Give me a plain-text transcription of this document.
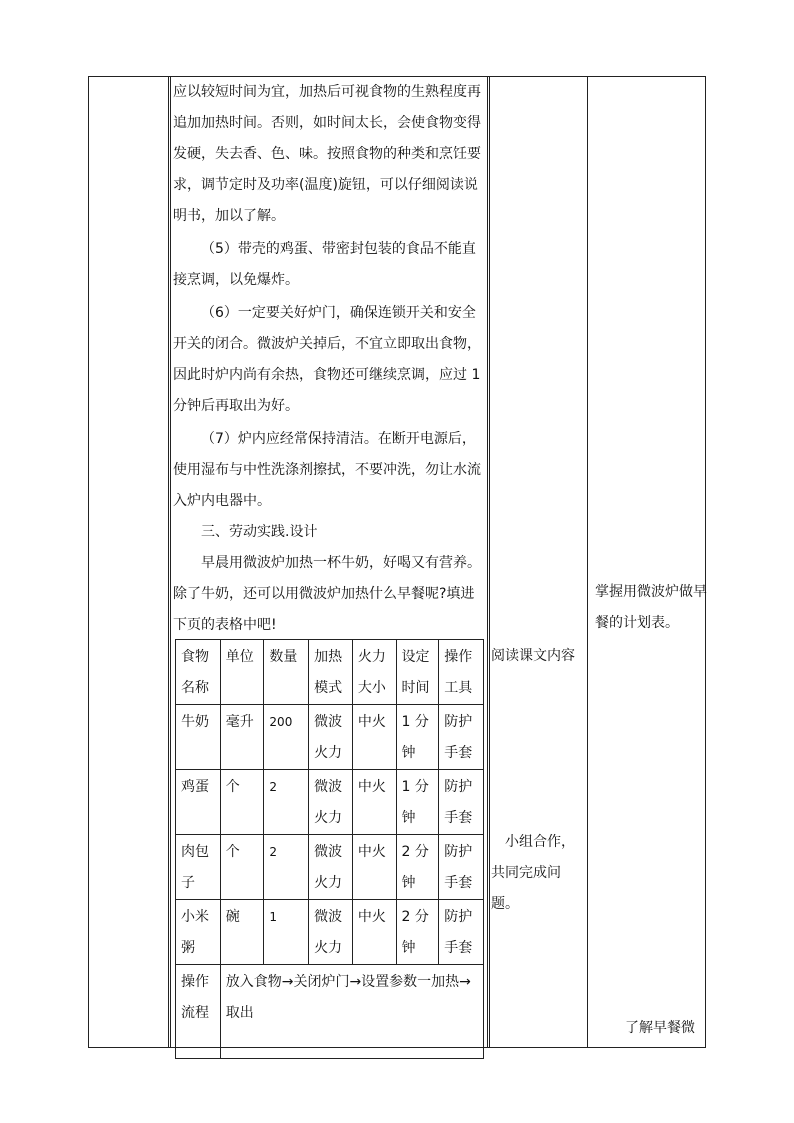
应以较短时间为宜，加热后可视食物的生熟程度再追加加热时间。否则，如时间太长，会使食物变得发硬，失去香、色、味。按照食物的种类和烹饪要求，调节定时及功率(温度)旋钮，可以仔细阅读说明书，加以了解。

（5）带壳的鸡蛋、带密封包装的食品不能直接烹调，以免爆炸。

（6）一定要关好炉门，确保连锁开关和安全开关的闭合。微波炉关掉后，不宜立即取出食物，因此时炉内尚有余热，食物还可继续烹调，应过 1 分钟后再取出为好。

（7）炉内应经常保持清洁。在断开电源后，使用湿布与中性洗涤剂擦拭，不要冲洗，勿让水流入炉内电器中。

三、劳动实践.设计

早晨用微波炉加热一杯牛奶，好喝又有营养。除了牛奶，还可以用微波炉加热什么早餐呢?填进下页的表格中吧!

食物名称	单位	数量	加热模式	火力大小	设定时间	操作工具
牛奶	毫升	200	微波火力	中火	1 分钟	防护手套
鸡蛋	个	2	微波火力	中火	1 分钟	防护手套
肉包子	个	2	微波火力	中火	2 分钟	防护手套
小米粥	碗	1	微波火力	中火	2 分钟	防护手套
操作流程	放入食物→关闭炉门→设置参数一加热→取出					
阅读课文内容
小组合作，共同完成问题。
掌握用微波炉做早餐的计划表。
了解早餐微
